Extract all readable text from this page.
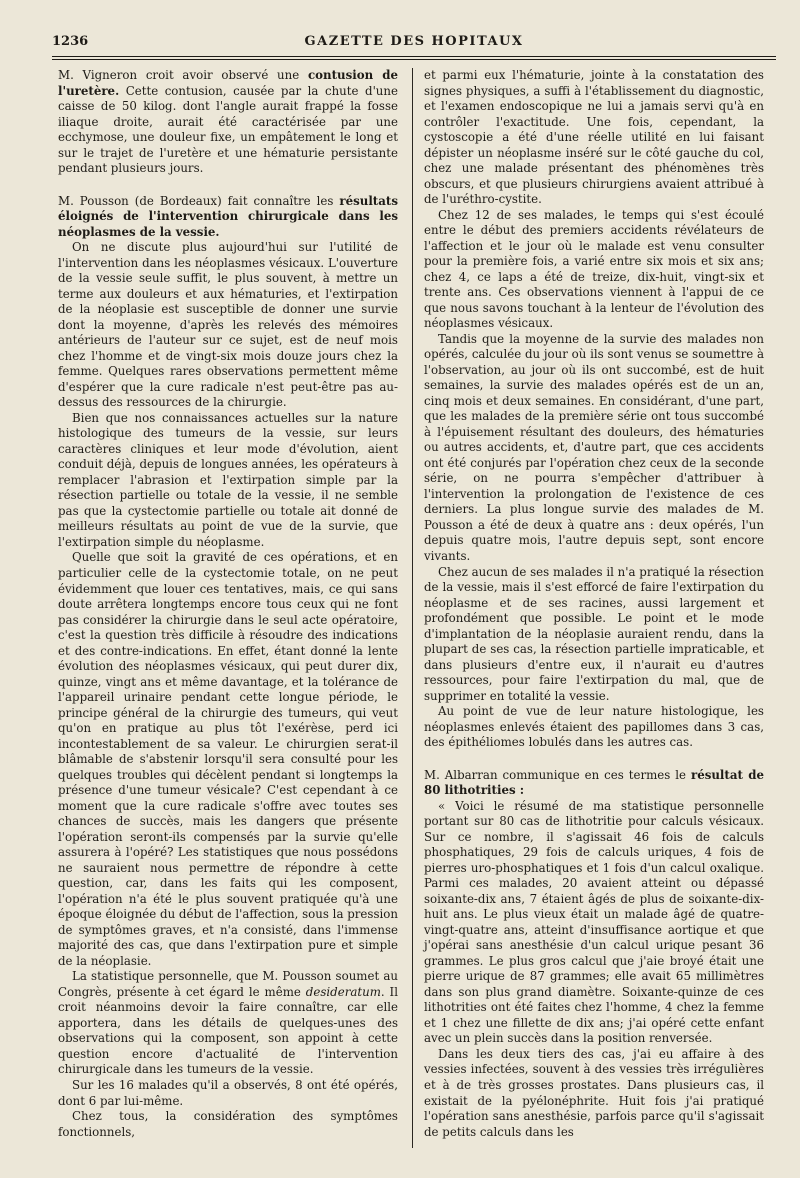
1236	GAZETTE DES HOPITAUX

M. Vigneron croit avoir observé une contusion de l'uretère. Cette contusion, causée par la chute d'une caisse de 50 kilog. dont l'angle aurait frappé la fosse iliaque droite, aurait été caractérisée par une ecchymose, une douleur fixe, un empâtement le long et sur le trajet de l'uretère et une hématurie persistante pendant plusieurs jours.

M. Pousson (de Bordeaux) fait connaître les résultats éloignés de l'intervention chirurgicale dans les néoplasmes de la vessie.

On ne discute plus aujourd'hui sur l'utilité de l'intervention dans les néoplasmes vésicaux. L'ouverture de la vessie seule suffit, le plus souvent, à mettre un terme aux douleurs et aux hématuries, et l'extirpation de la néoplasie est susceptible de donner une survie dont la moyenne, d'après les relevés des mémoires antérieurs de l'auteur sur ce sujet, est de neuf mois chez l'homme et de vingt-six mois douze jours chez la femme. Quelques rares observations permettent même d'espérer que la cure radicale n'est peut-être pas au-dessus des ressources de la chirurgie.

Bien que nos connaissances actuelles sur la nature histologique des tumeurs de la vessie, sur leurs caractères cliniques et leur mode d'évolution, aient conduit déjà, depuis de longues années, les opérateurs à remplacer l'abrasion et l'extirpation simple par la résection partielle ou totale de la vessie, il ne semble pas que la cystectomie partielle ou totale ait donné de meilleurs résultats au point de vue de la survie, que l'extirpation simple du néoplasme.

Quelle que soit la gravité de ces opérations, et en particulier celle de la cystectomie totale, on ne peut évidemment que louer ces tentatives, mais, ce qui sans doute arrêtera longtemps encore tous ceux qui ne font pas considérer la chirurgie dans le seul acte opératoire, c'est la question très difficile à résoudre des indications et des contre-indications. En effet, étant donné la lente évolution des néoplasmes vésicaux, qui peut durer dix, quinze, vingt ans et même davantage, et la tolérance de l'appareil urinaire pendant cette longue période, le principe général de la chirurgie des tumeurs, qui veut qu'on en pratique au plus tôt l'exérèse, perd ici incontestablement de sa valeur. Le chirurgien serat-il blâmable de s'abstenir lorsqu'il sera consulté pour les quelques troubles qui décèlent pendant si longtemps la présence d'une tumeur vésicale? C'est cependant à ce moment que la cure radicale s'offre avec toutes ses chances de succès, mais les dangers que présente l'opération seront-ils compensés par la survie qu'elle assurera à l'opéré? Les statistiques que nous possédons ne sauraient nous permettre de répondre à cette question, car, dans les faits qui les composent, l'opération n'a été le plus souvent pratiquée qu'à une époque éloignée du début de l'affection, sous la pression de symptômes graves, et n'a consisté, dans l'immense majorité des cas, que dans l'extirpation pure et simple de la néoplasie.

La statistique personnelle, que M. Pousson soumet au Congrès, présente à cet égard le même desideratum. Il croit néanmoins devoir la faire connaître, car elle apportera, dans les détails de quelques-unes des observations qui la composent, son appoint à cette question encore d'actualité de l'intervention chirurgicale dans les tumeurs de la vessie.

Sur les 16 malades qu'il a observés, 8 ont été opérés, dont 6 par lui-même.

Chez tous, la considération des symptômes fonctionnels,

et parmi eux l'hématurie, jointe à la constatation des signes physiques, a suffi à l'établissement du diagnostic, et l'examen endoscopique ne lui a jamais servi qu'à en contrôler l'exactitude. Une fois, cependant, la cystoscopie a été d'une réelle utilité en lui faisant dépister un néoplasme inséré sur le côté gauche du col, chez une malade présentant des phénomènes très obscurs, et que plusieurs chirurgiens avaient attribué à de l'uréthro-cystite.

Chez 12 de ses malades, le temps qui s'est écoulé entre le début des premiers accidents révélateurs de l'affection et le jour où le malade est venu consulter pour la première fois, a varié entre six mois et six ans; chez 4, ce laps a été de treize, dix-huit, vingt-six et trente ans. Ces observations viennent à l'appui de ce que nous savons touchant à la lenteur de l'évolution des néoplasmes vésicaux.

Tandis que la moyenne de la survie des malades non opérés, calculée du jour où ils sont venus se soumettre à l'observation, au jour où ils ont succombé, est de huit semaines, la survie des malades opérés est de un an, cinq mois et deux semaines. En considérant, d'une part, que les malades de la première série ont tous succombé à l'épuisement résultant des douleurs, des hématuries ou autres accidents, et, d'autre part, que ces accidents ont été conjurés par l'opération chez ceux de la seconde série, on ne pourra s'empêcher d'attribuer à l'intervention la prolongation de l'existence de ces derniers. La plus longue survie des malades de M. Pousson a été de deux à quatre ans : deux opérés, l'un depuis quatre mois, l'autre depuis sept, sont encore vivants.

Chez aucun de ses malades il n'a pratiqué la résection de la vessie, mais il s'est efforcé de faire l'extirpation du néoplasme et de ses racines, aussi largement et profondément que possible. Le point et le mode d'implantation de la néoplasie auraient rendu, dans la plupart de ses cas, la résection partielle impraticable, et dans plusieurs d'entre eux, il n'aurait eu d'autres ressources, pour faire l'extirpation du mal, que de supprimer en totalité la vessie.

Au point de vue de leur nature histologique, les néoplasmes enlevés étaient des papillomes dans 3 cas, des épithéliomes lobulés dans les autres cas.

M. Albarran communique en ces termes le résultat de 80 lithotrities :

« Voici le résumé de ma statistique personnelle portant sur 80 cas de lithotritie pour calculs vésicaux. Sur ce nombre, il s'agissait 46 fois de calculs phosphatiques, 29 fois de calculs uriques, 4 fois de pierres uro-phosphatiques et 1 fois d'un calcul oxalique. Parmi ces malades, 20 avaient atteint ou dépassé soixante-dix ans, 7 étaient âgés de plus de soixante-dix-huit ans. Le plus vieux était un malade âgé de quatre-vingt-quatre ans, atteint d'insuffisance aortique et que j'opérai sans anesthésie d'un calcul urique pesant 36 grammes. Le plus gros calcul que j'aie broyé était une pierre urique de 87 grammes; elle avait 65 millimètres dans son plus grand diamètre. Soixante-quinze de ces lithotrities ont été faites chez l'homme, 4 chez la femme et 1 chez une fillette de dix ans; j'ai opéré cette enfant avec un plein succès dans la position renversée.

Dans les deux tiers des cas, j'ai eu affaire à des vessies infectées, souvent à des vessies très irrégulières et à de très grosses prostates. Dans plusieurs cas, il existait de la pyélonéphrite. Huit fois j'ai pratiqué l'opération sans anesthésie, parfois parce qu'il s'agissait de petits calculs dans les
